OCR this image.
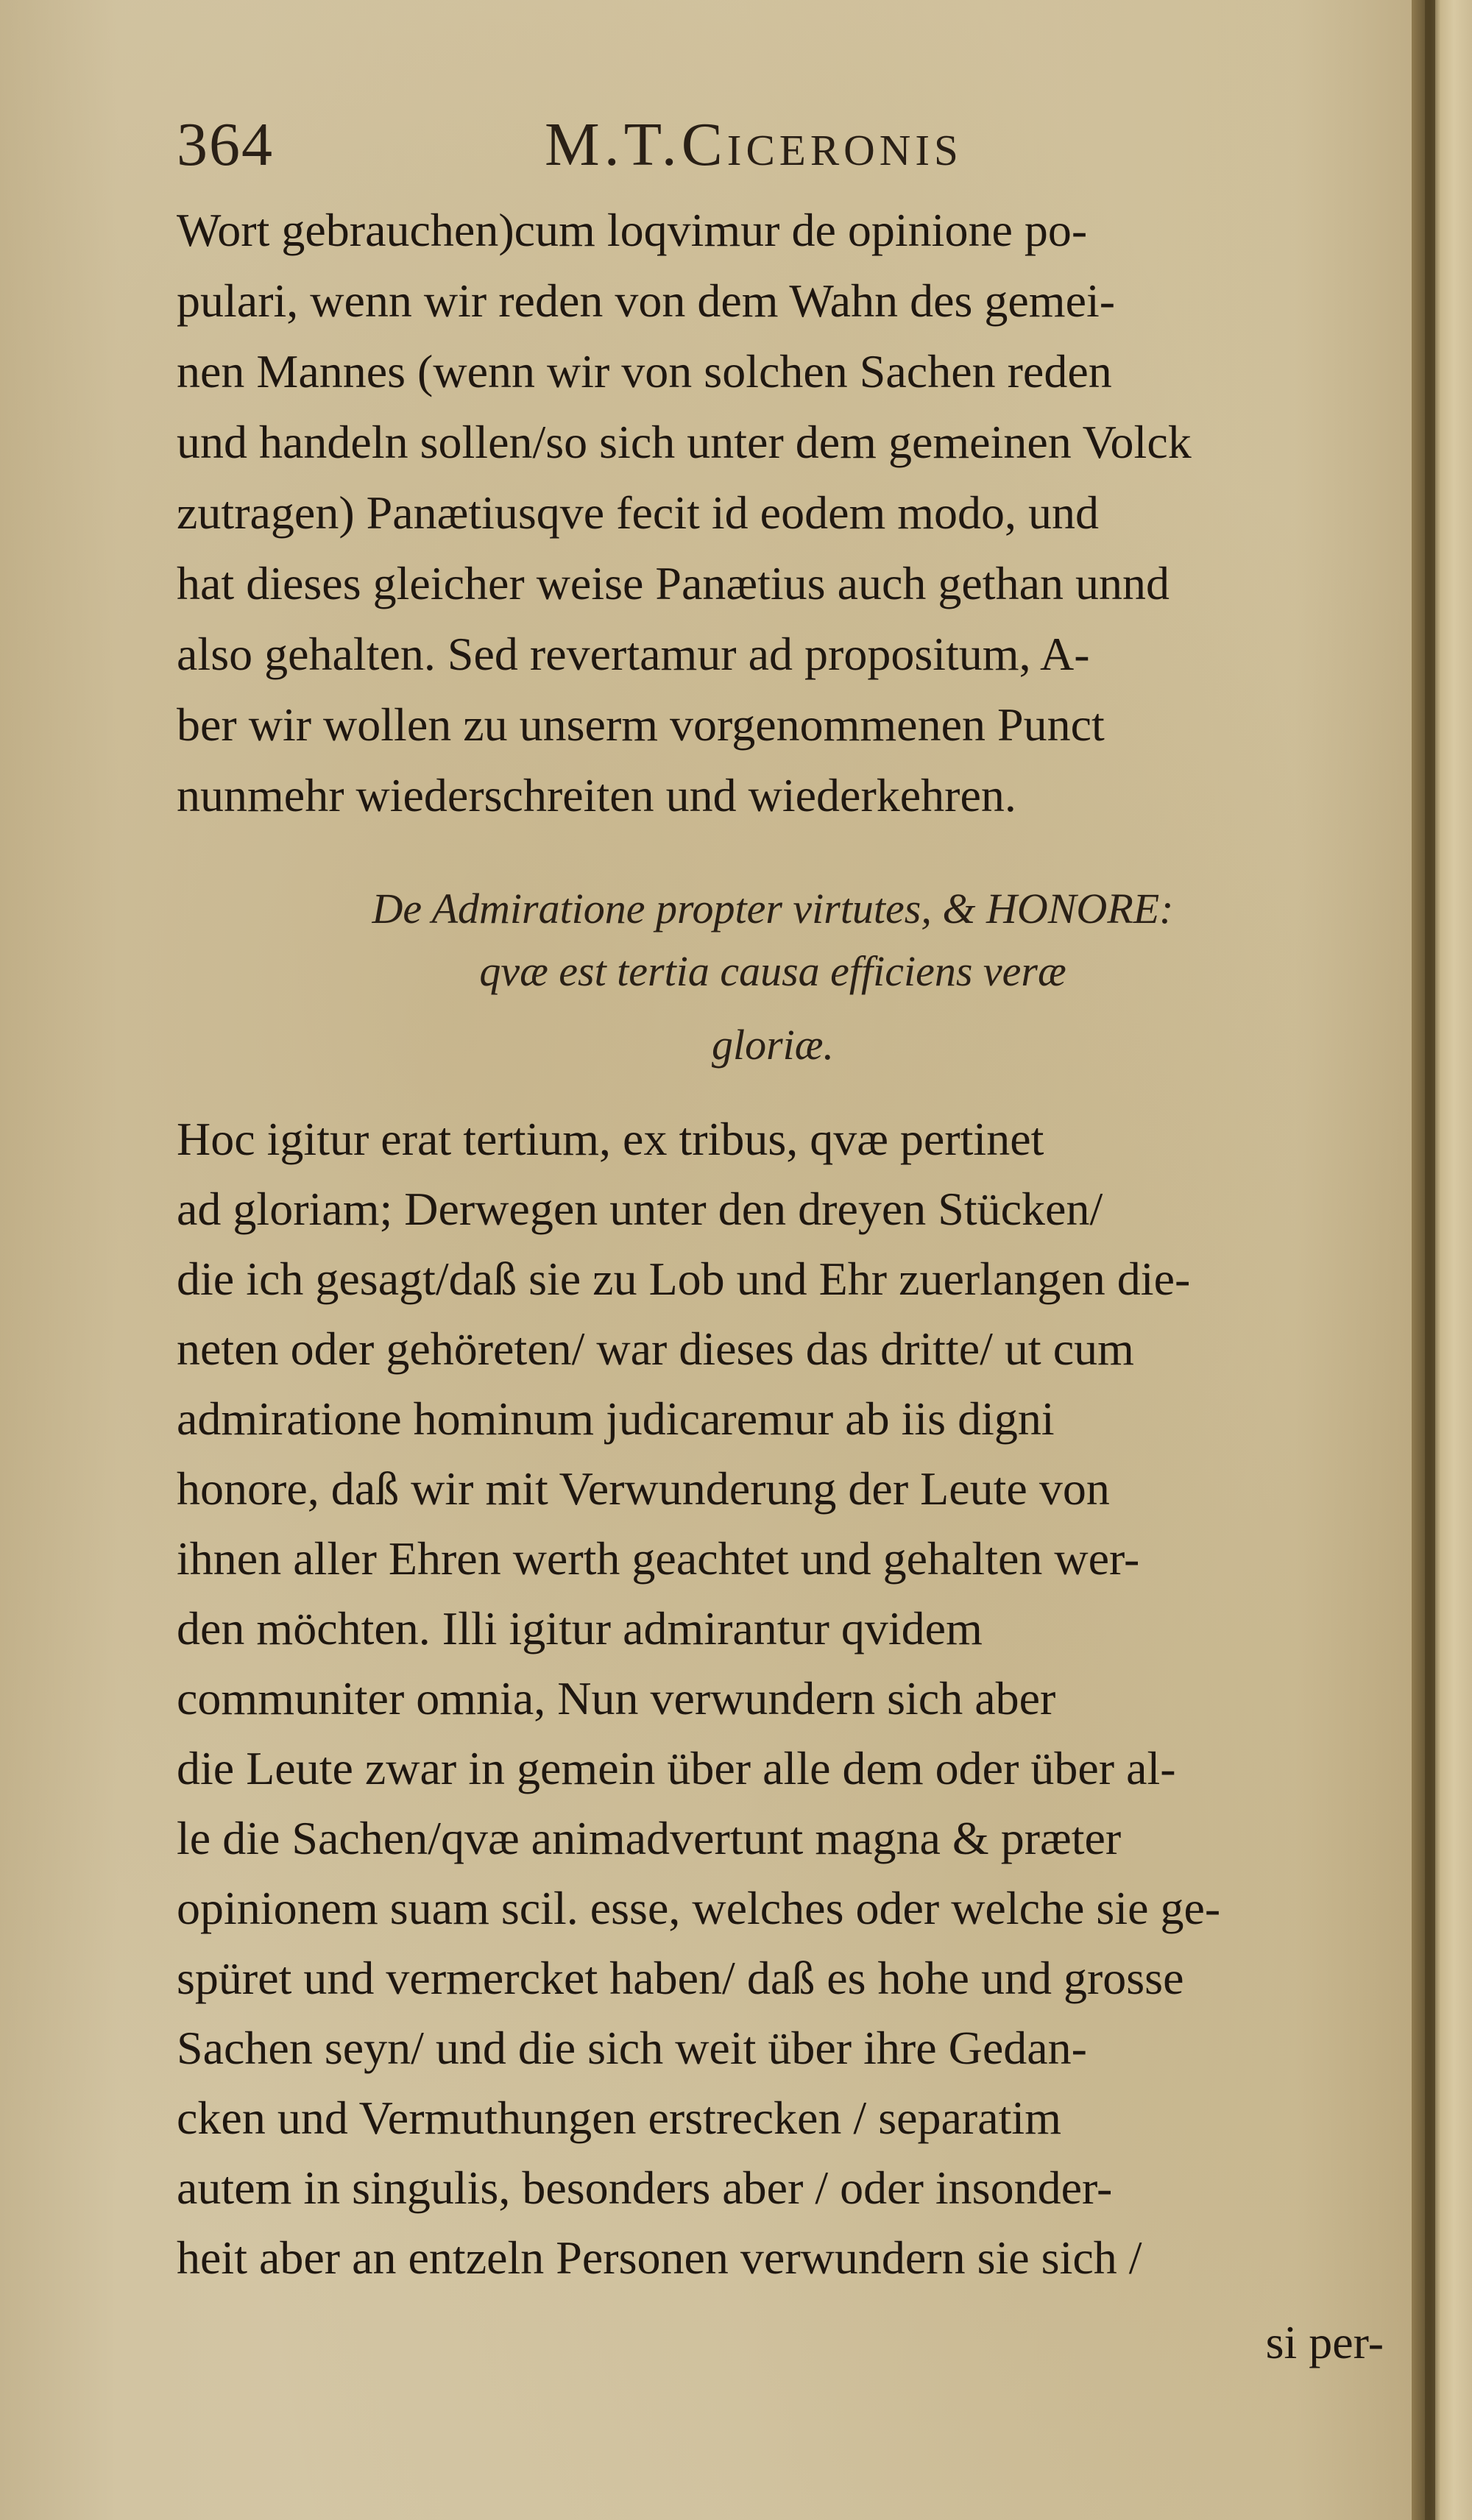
364	M.T.Ciceronis
Wort gebrauchen)cum loqvimur de opinione po-
pulari, wenn wir reden von dem Wahn des gemei-
nen Mannes (wenn wir von solchen Sachen reden
und handeln sollen/so sich unter dem gemeinen Volck
zutragen) Panætiusqve fecit id eodem modo, und
hat dieses gleicher weise Panætius auch gethan unnd
also gehalten. Sed revertamur ad propositum, A-
ber wir wollen zu unserm vorgenommenen Punct
nunmehr wiederschreiten und wiederkehren.
De Admiratione propter virtutes, & HONORE:
qvæ est tertia causa efficiens veræ
gloriæ.
Hoc igitur erat tertium, ex tribus, qvæ pertinet
ad gloriam; Derwegen unter den dreyen Stücken/
die ich gesagt/daß sie zu Lob und Ehr zuerlangen die-
neten oder gehöreten/ war dieses das dritte/ ut cum
admiratione hominum judicaremur ab iis digni
honore, daß wir mit Verwunderung der Leute von
ihnen aller Ehren werth geachtet und gehalten wer-
den möchten. Illi igitur admirantur qvidem
communiter omnia, Nun verwundern sich aber
die Leute zwar in gemein über alle dem oder über al-
le die Sachen/qvæ animadvertunt magna & præter
opinionem suam scil. esse, welches oder welche sie ge-
spüret und vermercket haben/ daß es hohe und grosse
Sachen seyn/ und die sich weit über ihre Gedan-
cken und Vermuthungen erstrecken / separatim
autem in singulis, besonders aber / oder insonder-
heit aber an entzeln Personen verwundern sie sich /
si per-
